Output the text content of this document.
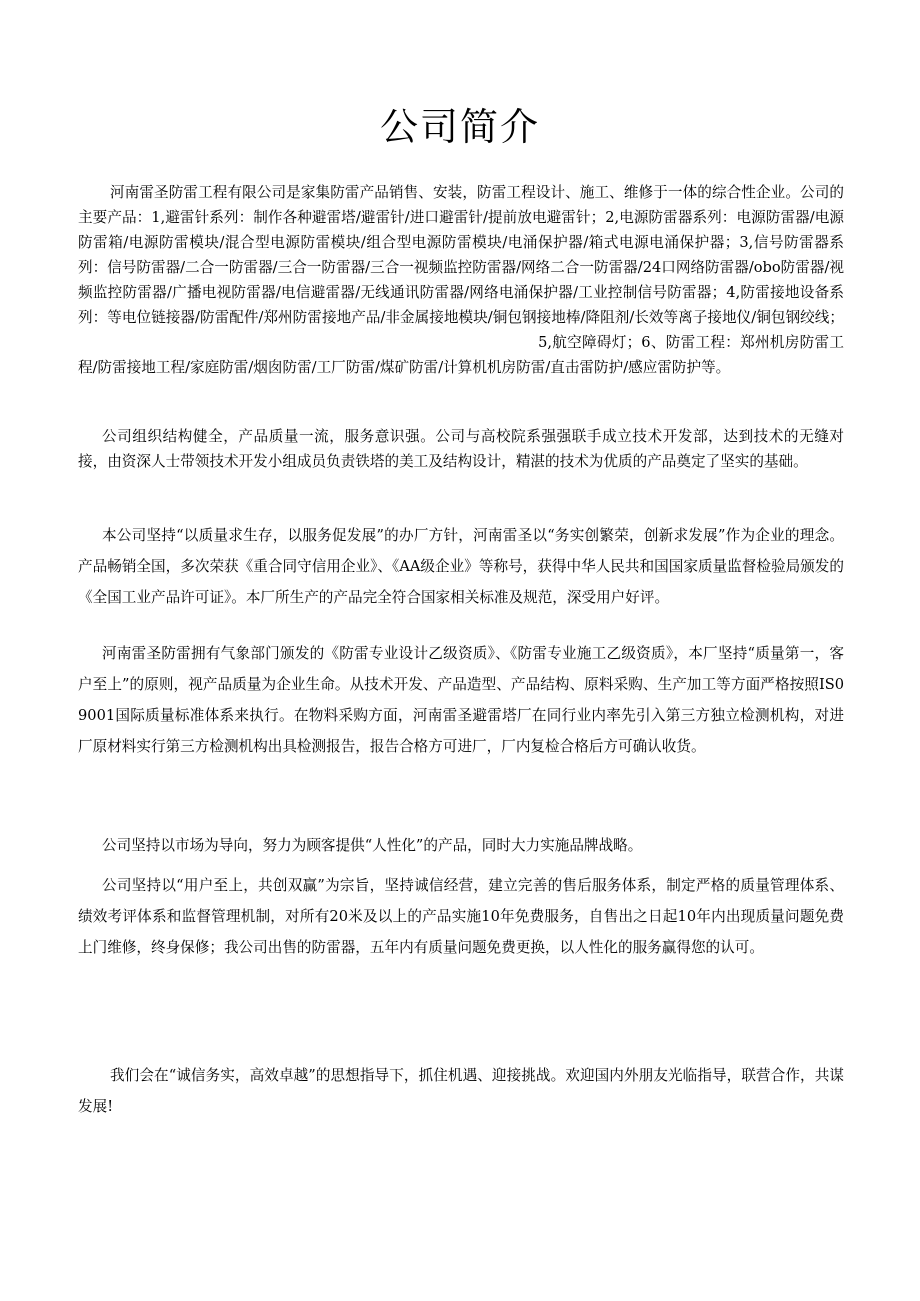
公司简介

河南雷圣防雷工程有限公司是家集防雷产品销售、安装，防雷工程设计、施工、维修于一体的综合性企业。公司的主要产品：1,避雷针系列：制作各种避雷塔/避雷针/进口避雷针/提前放电避雷针；2,电源防雷器系列：电源防雷器/电源防雷箱/电源防雷模块/混合型电源防雷模块/组合型电源防雷模块/电涌保护器/箱式电源电涌保护器；3,信号防雷器系列：信号防雷器/二合一防雷器/三合一防雷器/三合一视频监控防雷器/网络二合一防雷器/24口网络防雷器/obo防雷器/视频监控防雷器/广播电视防雷器/电信避雷器/无线通讯防雷器/网络电涌保护器/工业控制信号防雷器；4,防雷接地设备系列：等电位链接器/防雷配件/郑州防雷接地产品/非金属接地模块/铜包钢接地棒/降阻剂/长效等离子接地仪/铜包钢绞线；5,航空障碍灯；6、防雷工程：郑州机房防雷工程/防雷接地工程/家庭防雷/烟囱防雷/工厂防雷/煤矿防雷/计算机机房防雷/直击雷防护/感应雷防护等。

公司组织结构健全，产品质量一流，服务意识强。公司与高校院系强强联手成立技术开发部，达到技术的无缝对接，由资深人士带领技术开发小组成员负责铁塔的美工及结构设计，精湛的技术为优质的产品奠定了坚实的基础。

本公司坚持“以质量求生存，以服务促发展”的办厂方针，河南雷圣以“务实创繁荣，创新求发展”作为企业的理念。产品畅销全国，多次荣获《重合同守信用企业》、《AA级企业》等称号，获得中华人民共和国国家质量监督检验局颁发的《全国工业产品许可证》。本厂所生产的产品完全符合国家相关标准及规范，深受用户好评。

河南雷圣防雷拥有气象部门颁发的《防雷专业设计乙级资质》、《防雷专业施工乙级资质》，本厂坚持“质量第一，客户至上”的原则，视产品质量为企业生命。从技术开发、产品造型、产品结构、原料采购、生产加工等方面严格按照IS09001国际质量标准体系来执行。在物料采购方面，河南雷圣避雷塔厂在同行业内率先引入第三方独立检测机构，对进厂原材料实行第三方检测机构出具检测报告，报告合格方可进厂，厂内复检合格后方可确认收货。

公司坚持以市场为导向，努力为顾客提供“人性化”的产品，同时大力实施品牌战略。

公司坚持以“用户至上，共创双赢”为宗旨，坚持诚信经营，建立完善的售后服务体系，制定严格的质量管理体系、绩效考评体系和监督管理机制，对所有20米及以上的产品实施10年免费服务，自售出之日起10年内出现质量问题免费上门维修，终身保修；我公司出售的防雷器，五年内有质量问题免费更换，以人性化的服务赢得您的认可。

我们会在“诚信务实，高效卓越”的思想指导下，抓住机遇、迎接挑战。欢迎国内外朋友光临指导，联营合作，共谋发展!
